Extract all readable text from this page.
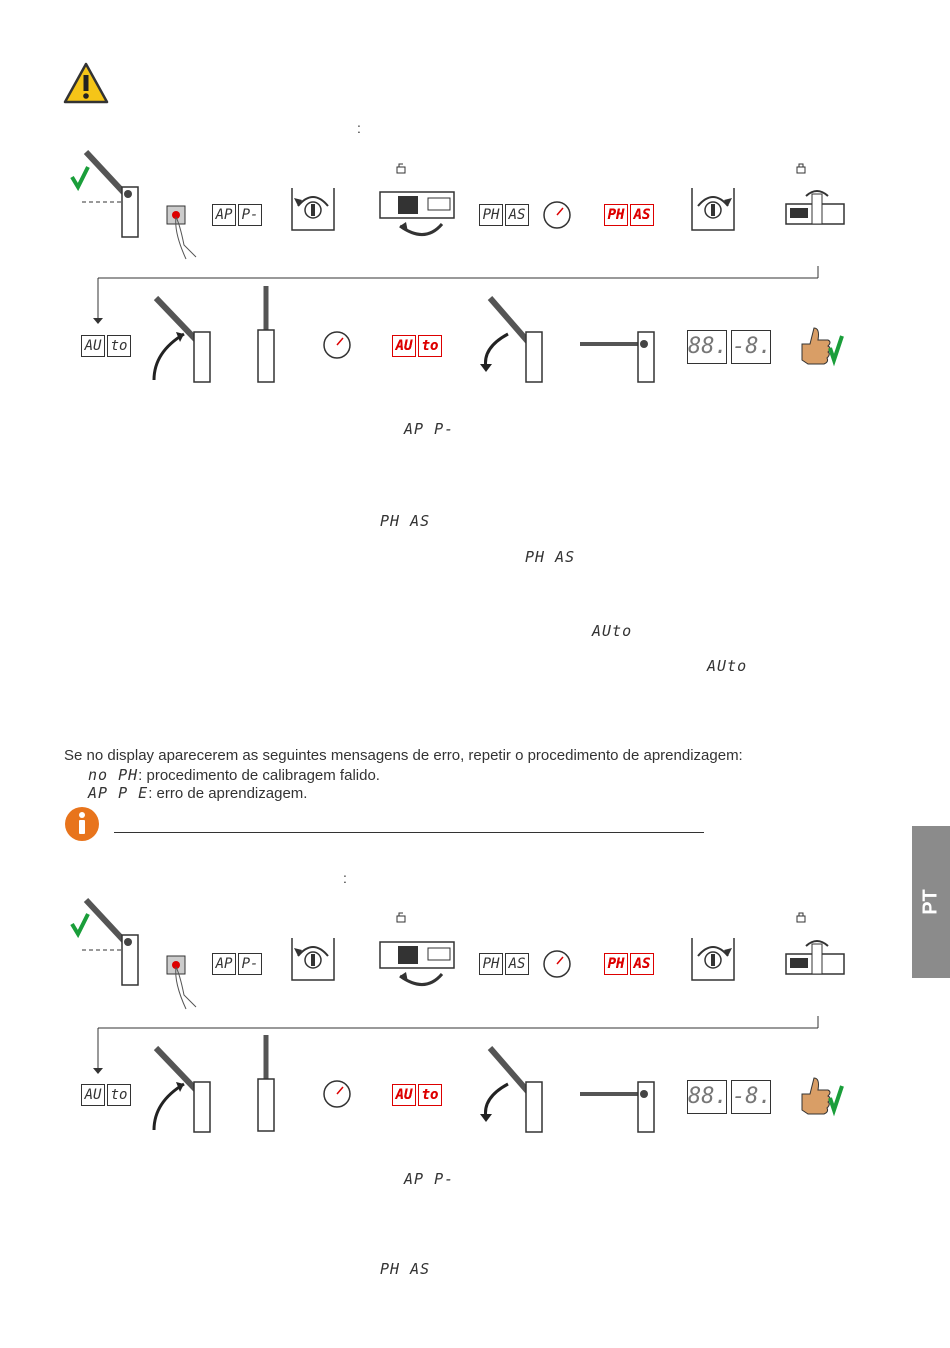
:
AP P-	PH AS	PH AS
AU to	AU to	88. -8.
AP P-
PH AS
PH AS
AUto
AUto
Se no display aparecerem as seguintes mensagens de erro, repetir o procedimento de aprendizagem:
no PH: procedimento de calibragem falido.
AP P E: erro de aprendizagem.
:
PT
AP P-	PH AS	PH AS
AU to	AU to	88. -8.
AP P-
PH AS
